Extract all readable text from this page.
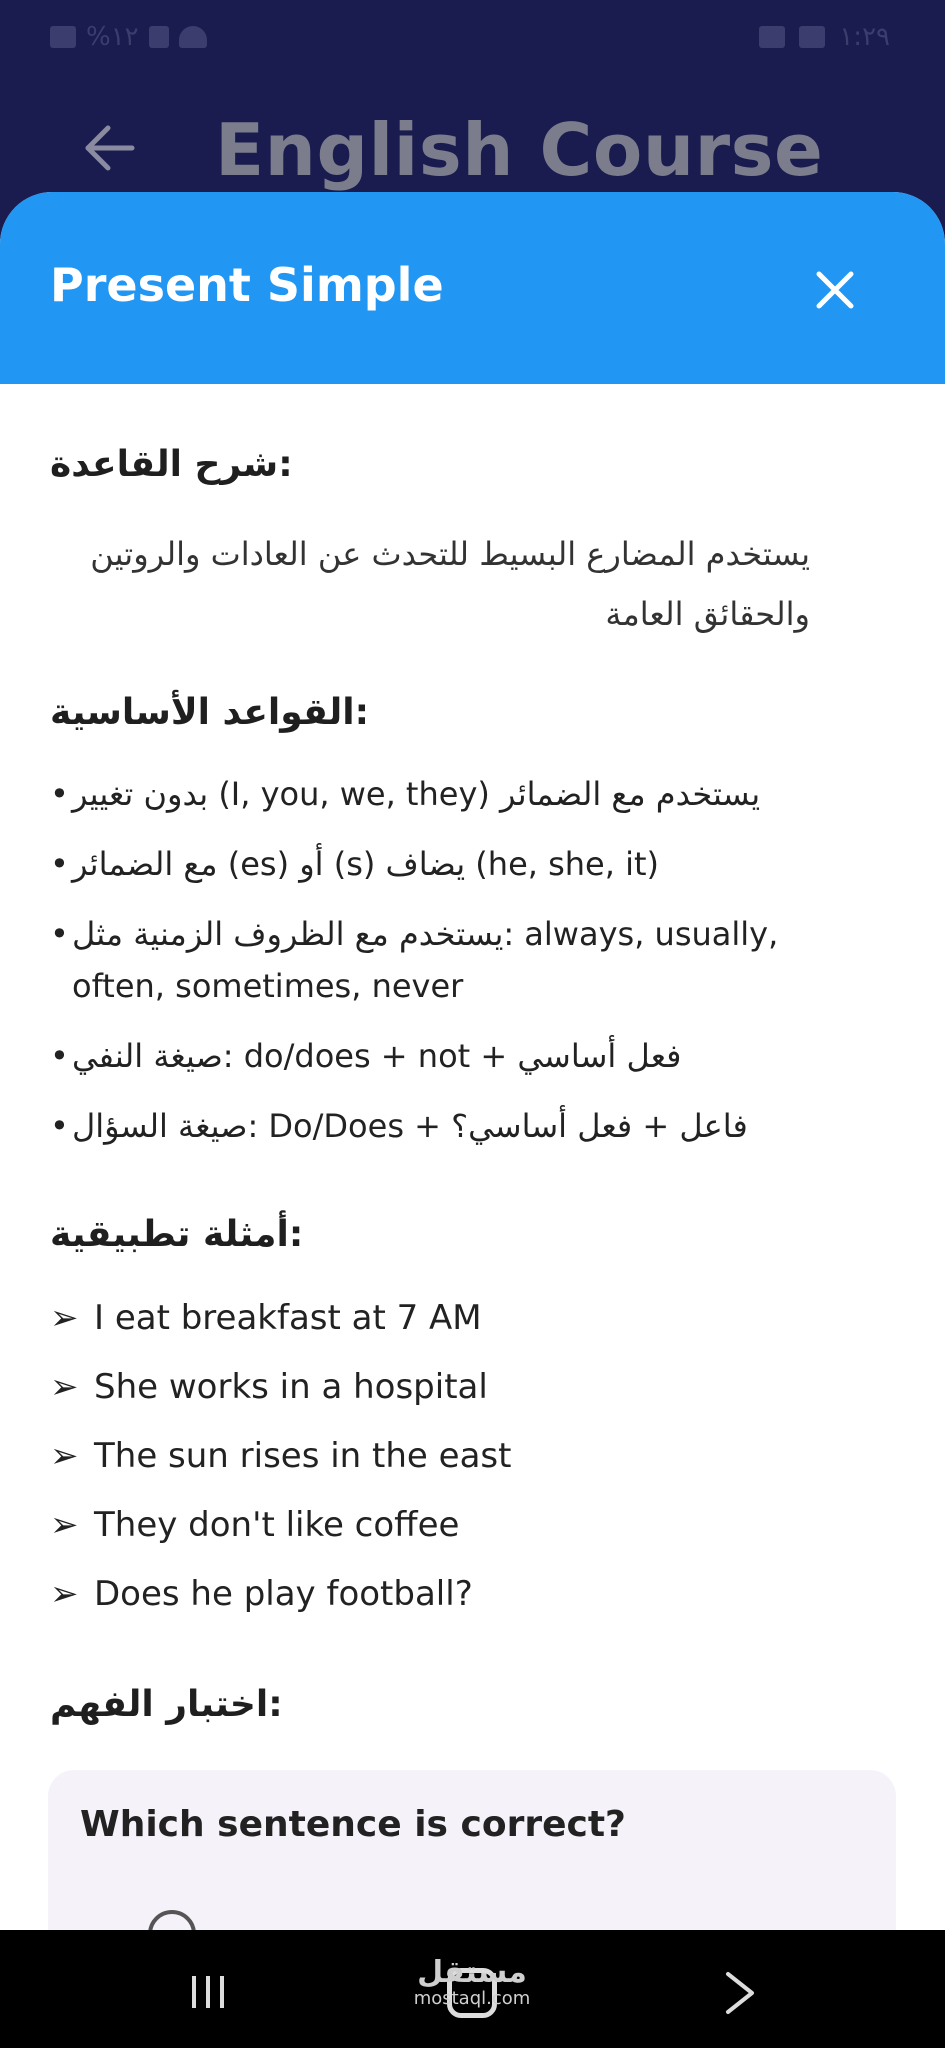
%١٢	١:٢٩
English Course
Present Simple
شرح القاعدة:
يستخدم المضارع البسيط للتحدث عن العادات والروتين والحقائق العامة
القواعد الأساسية:
• بدون تغيير (I, you, we, they) يستخدم مع الضمائر
• مع الضمائر (es) أو (s) يضاف (he, she, it)
• يستخدم مع الظروف الزمنية مثل: always, usually, often, sometimes, never
• صيغة النفي: do/does + not + فعل أساسي
• صيغة السؤال: Do/Does + فاعل + فعل أساسي؟
أمثلة تطبيقية:
➢ I eat breakfast at 7 AM
➢ She works in a hospital
➢ The sun rises in the east
➢ They don't like coffee
➢ Does he play football?
اختبار الفهم:
Which sentence is correct?
مستقل
mostaql.com
